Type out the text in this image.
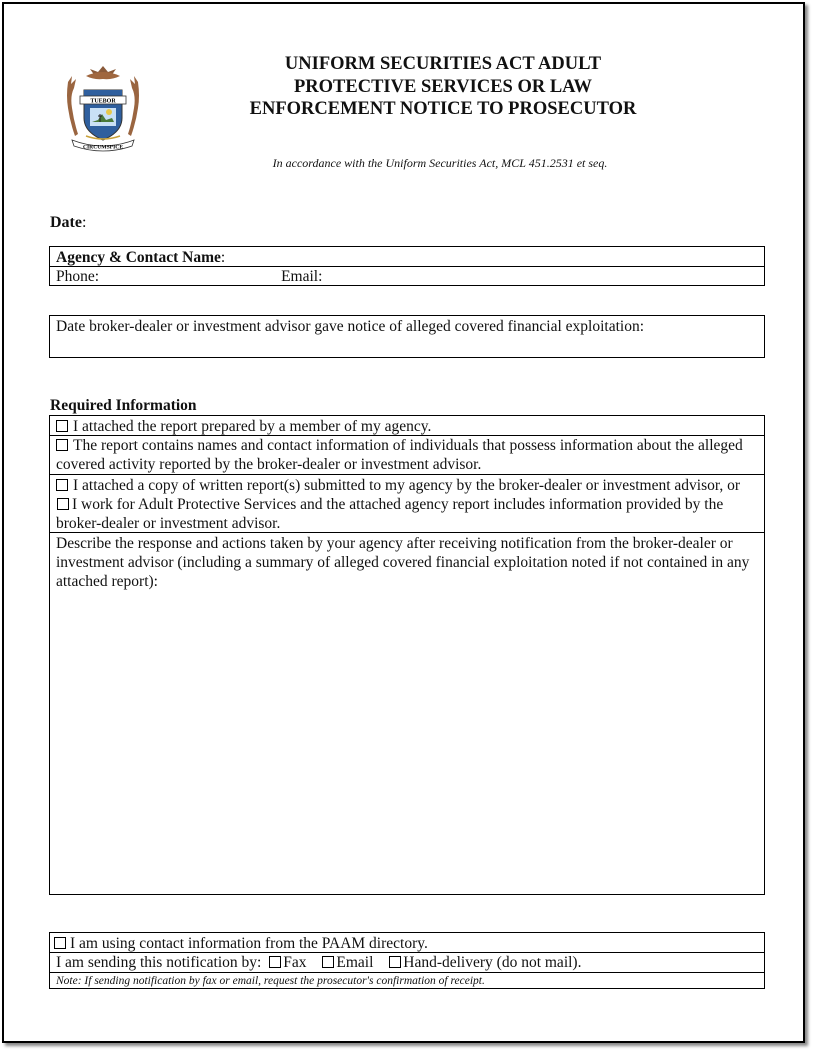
TUEBOR
CIRCUMSPICE
UNIFORM SECURITIES ACT ADULT PROTECTIVE SERVICES OR LAW ENFORCEMENT NOTICE TO PROSECUTOR
In accordance with the Uniform Securities Act, MCL 451.2531 et seq.
Date:
Agency & Contact Name:
Phone:	Email:
Date broker-dealer or investment advisor gave notice of alleged covered financial exploitation:
Required Information
I attached the report prepared by a member of my agency.
The report contains names and contact information of individuals that possess information about the alleged covered activity reported by the broker-dealer or investment advisor.
I attached a copy of written report(s) submitted to my agency by the broker-dealer or investment advisor, or I work for Adult Protective Services and the attached agency report includes information provided by the broker-dealer or investment advisor.
Describe the response and actions taken by your agency after receiving notification from the broker-dealer or investment advisor (including a summary of alleged covered financial exploitation noted if not contained in any attached report):
I am using contact information from the PAAM directory.
I am sending this notification by: Fax Email Hand-delivery (do not mail).
Note: If sending notification by fax or email, request the prosecutor's confirmation of receipt.
